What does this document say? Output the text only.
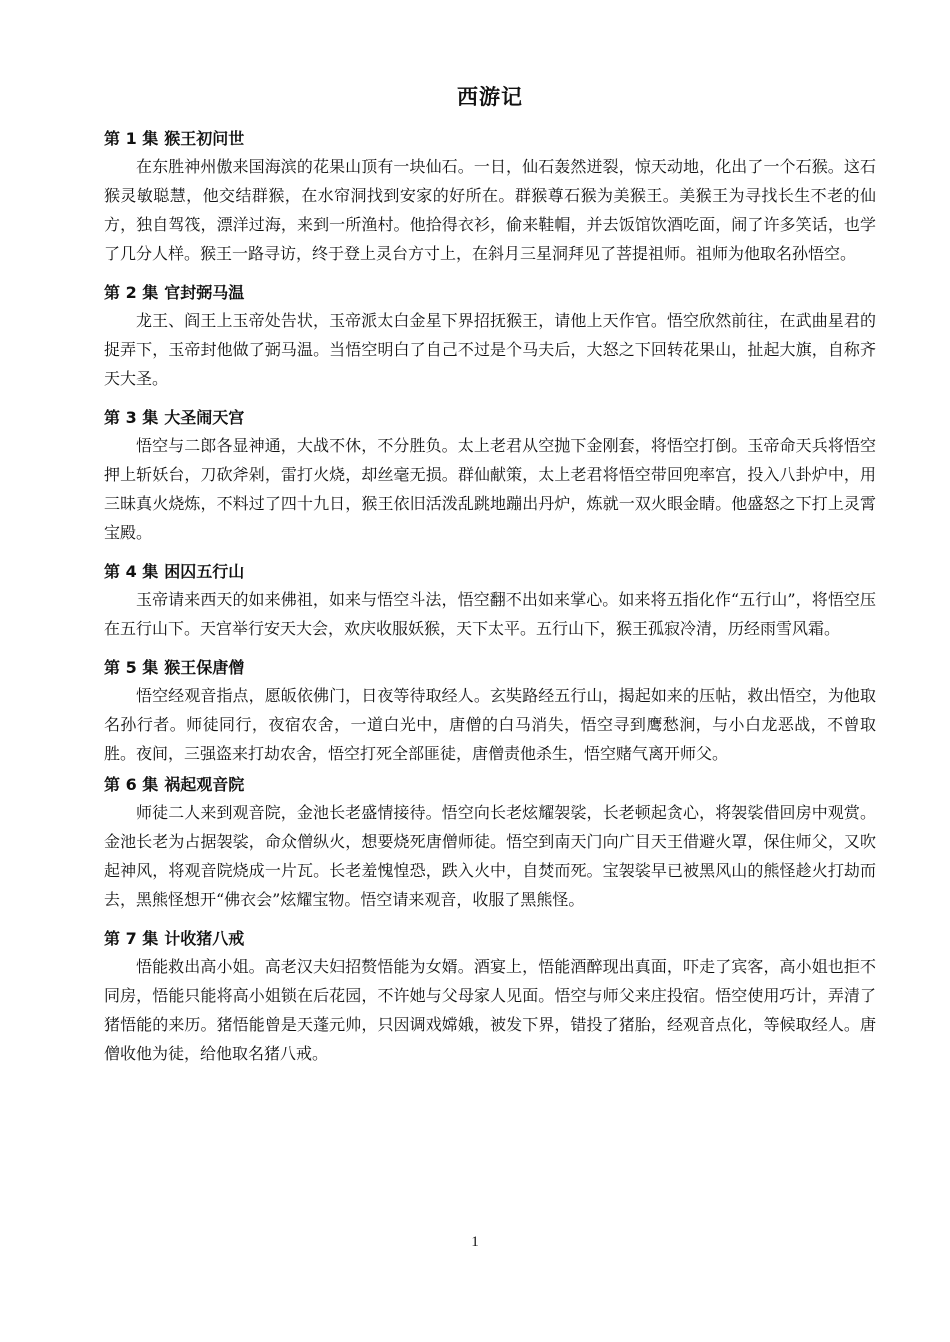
西游记

第 1 集 猴王初问世

在东胜神州傲来国海滨的花果山顶有一块仙石。一日，仙石轰然迸裂，惊天动地，化出了一个石猴。这石猴灵敏聪慧，他交结群猴，在水帘洞找到安家的好所在。群猴尊石猴为美猴王。美猴王为寻找长生不老的仙方，独自驾筏，漂洋过海，来到一所渔村。他拾得衣衫，偷来鞋帽，并去饭馆饮酒吃面，闹了许多笑话，也学了几分人样。猴王一路寻访，终于登上灵台方寸上，在斜月三星洞拜见了菩提祖师。祖师为他取名孙悟空。

第 2 集 官封弼马温

龙王、阎王上玉帝处告状，玉帝派太白金星下界招抚猴王，请他上天作官。悟空欣然前往，在武曲星君的捉弄下，玉帝封他做了弼马温。当悟空明白了自己不过是个马夫后，大怒之下回转花果山，扯起大旗，自称齐天大圣。

第 3 集 大圣闹天宫

悟空与二郎各显神通，大战不休，不分胜负。太上老君从空抛下金刚套，将悟空打倒。玉帝命天兵将悟空押上斩妖台，刀砍斧剁，雷打火烧，却丝毫无损。群仙献策，太上老君将悟空带回兜率宫，投入八卦炉中，用三昧真火烧炼，不料过了四十九日，猴王依旧活泼乱跳地蹦出丹炉，炼就一双火眼金睛。他盛怒之下打上灵霄宝殿。

第 4 集 困囚五行山

玉帝请来西天的如来佛祖，如来与悟空斗法，悟空翻不出如来掌心。如来将五指化作“五行山”，将悟空压在五行山下。天宫举行安天大会，欢庆收服妖猴，天下太平。五行山下，猴王孤寂冷清，历经雨雪风霜。

第 5 集 猴王保唐僧

悟空经观音指点，愿皈依佛门，日夜等待取经人。玄奘路经五行山，揭起如来的压帖，救出悟空，为他取名孙行者。师徒同行，夜宿农舍，一道白光中，唐僧的白马消失，悟空寻到鹰愁涧，与小白龙恶战，不曾取胜。夜间，三强盗来打劫农舍，悟空打死全部匪徒，唐僧责他杀生，悟空赌气离开师父。

第 6 集 祸起观音院

师徒二人来到观音院，金池长老盛情接待。悟空向长老炫耀袈裟，长老顿起贪心，将袈裟借回房中观赏。金池长老为占据袈裟，命众僧纵火，想要烧死唐僧师徒。悟空到南天门向广目天王借避火罩，保住师父，又吹起神风，将观音院烧成一片瓦。长老羞愧惶恐，跌入火中，自焚而死。宝袈裟早已被黑风山的熊怪趁火打劫而去，黑熊怪想开“佛衣会”炫耀宝物。悟空请来观音，收服了黑熊怪。

第 7 集 计收猪八戒

悟能救出高小姐。高老汉夫妇招赘悟能为女婿。酒宴上，悟能酒醉现出真面，吓走了宾客，高小姐也拒不同房，悟能只能将高小姐锁在后花园，不许她与父母家人见面。悟空与师父来庄投宿。悟空使用巧计，弄清了猪悟能的来历。猪悟能曾是天蓬元帅，只因调戏嫦娥，被发下界，错投了猪胎，经观音点化，等候取经人。唐僧收他为徒，给他取名猪八戒。

1
